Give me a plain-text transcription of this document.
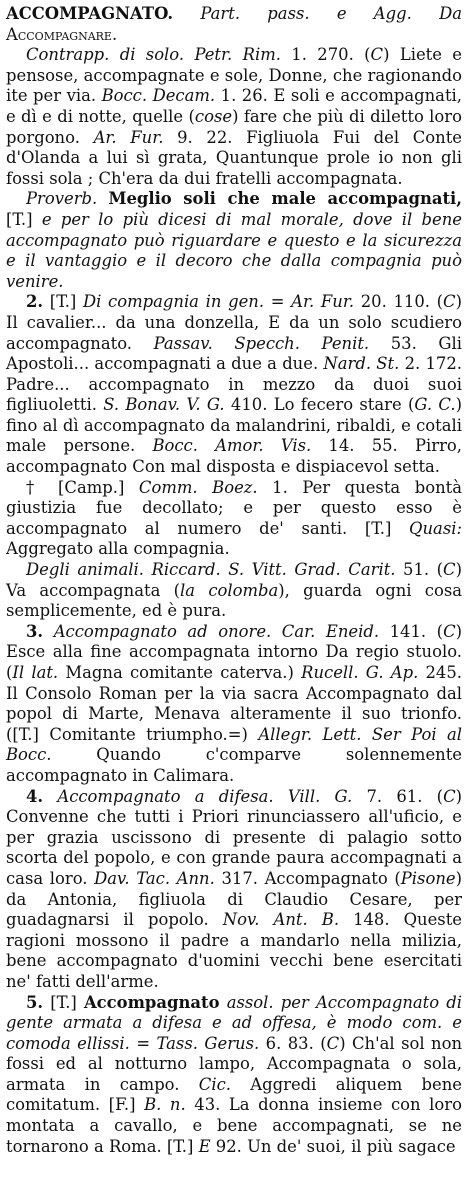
ACCOMPAGNATO. Part. pass. e Agg. Da Accompagnare.

Contrapp. di solo. Petr. Rim. 1. 270. (C) Liete e pensose, accompagnate e sole, Donne, che ragionando ite per via. Bocc. Decam. 1. 26. E soli e accompagnati, e dì e di notte, quelle (cose) fare che più di diletto loro porgono. Ar. Fur. 9. 22. Figliuola Fui del Conte d'Olanda a lui sì grata, Quantunque prole io non gli fossi sola ; Ch'era da dui fratelli accompagnata.

Proverb. Meglio soli che male accompagnati, [T.] e per lo più dicesi di mal morale, dove il bene accompagnato può riguardare e questo e la sicurezza e il vantaggio e il decoro che dalla compagnia può venire.

2. [T.] Di compagnia in gen. = Ar. Fur. 20. 110. (C) Il cavalier... da una donzella, E da un solo scudiero accompagnato. Passav. Specch. Penit. 53. Gli Apostoli... accompagnati a due a due. Nard. St. 2. 172. Padre... accompagnato in mezzo da duoi suoi figliuoletti. S. Bonav. V. G. 410. Lo fecero stare (G. C.) fino al dì accompagnato da malandrini, ribaldi, e cotali male persone. Bocc. Amor. Vis. 14. 55. Pirro, accompagnato Con mal disposta e dispiacevol setta.

† [Camp.] Comm. Boez. 1. Per questa bontà giustizia fue decollato; e per questo esso è accompagnato al numero de' santi. [T.] Quasi: Aggregato alla compagnia.

Degli animali. Riccard. S. Vitt. Grad. Carit. 51. (C) Va accompagnata (la colomba), guarda ogni cosa semplicemente, ed è pura.

3. Accompagnato ad onore. Car. Eneid. 141. (C) Esce alla fine accompagnata intorno Da regio stuolo. (Il lat. Magna comitante caterva.) Rucell. G. Ap. 245. Il Consolo Roman per la via sacra Accompagnato dal popol di Marte, Menava alteramente il suo trionfo. ([T.] Comitante triumpho.=) Allegr. Lett. Ser Poi al Bocc. Quando c'comparve solennemente accompagnato in Calimara.

4. Accompagnato a difesa. Vill. G. 7. 61. (C) Convenne che tutti i Priori rinunciassero all'uficio, e per grazia uscissono di presente di palagio sotto scorta del popolo, e con grande paura accompagnati a casa loro. Dav. Tac. Ann. 317. Accompagnato (Pisone) da Antonia, figliuola di Claudio Cesare, per guadagnarsi il popolo. Nov. Ant. B. 148. Queste ragioni mossono il padre a mandarlo nella milizia, bene accompagnato d'uomini vecchi bene esercitati ne' fatti dell'arme.

5. [T.] Accompagnato assol. per Accompagnato di gente armata a difesa e ad offesa, è modo com. e comoda ellissi. = Tass. Gerus. 6. 83. (C) Ch'al sol non fossi ed al notturno lampo, Accompagnata o sola, armata in campo. Cic. Aggredi aliquem bene comitatum. [F.] B. n. 43. La donna insieme con loro montata a cavallo, e bene accompagnati, se ne tornarono a Roma. [T.] E 92. Un de' suoi, il più sagace
